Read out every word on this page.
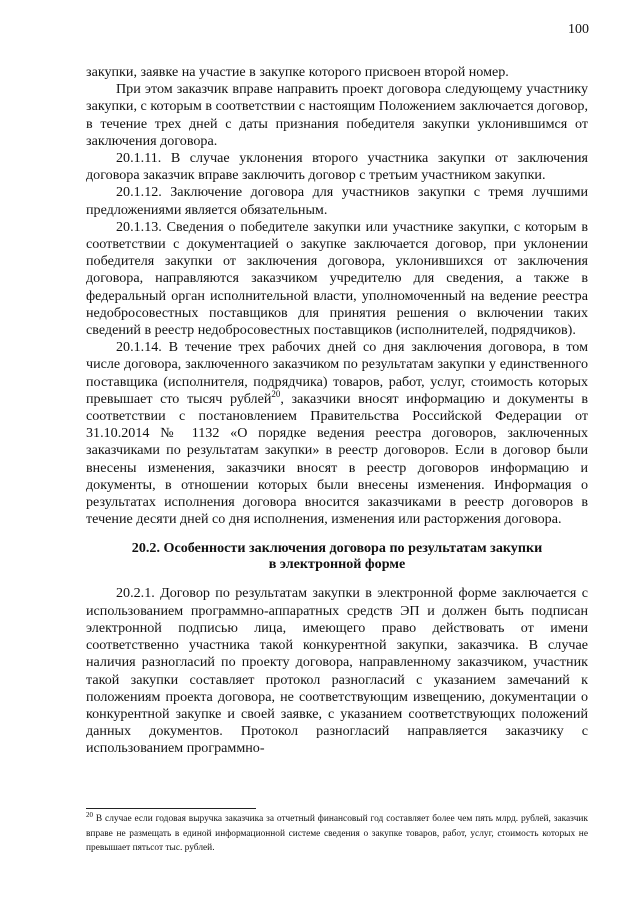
100

закупки, заявке на участие в закупке которого присвоен второй номер.

При этом заказчик вправе направить проект договора следующему участнику закупки, с которым в соответствии с настоящим Положением заключается договор, в течение трех дней с даты признания победителя закупки уклонившимся от заключения договора.

20.1.11. В случае уклонения второго участника закупки от заключения договора заказчик вправе заключить договор с третьим участником закупки.

20.1.12. Заключение договора для участников закупки с тремя лучшими предложениями является обязательным.

20.1.13. Сведения о победителе закупки или участнике закупки, с которым в соответствии с документацией о закупке заключается договор, при уклонении победителя закупки от заключения договора, уклонившихся от заключения договора, направляются заказчиком учредителю для сведения, а также в федеральный орган исполнительной власти, уполномоченный на ведение реестра недобросовестных поставщиков для принятия решения о включении таких сведений в реестр недобросовестных поставщиков (исполнителей, подрядчиков).

20.1.14. В течение трех рабочих дней со дня заключения договора, в том числе договора, заключенного заказчиком по результатам закупки у единственного поставщика (исполнителя, подрядчика) товаров, работ, услуг, стоимость которых превышает сто тысяч рублей$^{20}$, заказчики вносят информацию и документы в соответствии с постановлением Правительства Российской Федерации от 31.10.2014 № 1132 «О порядке ведения реестра договоров, заключенных заказчиками по результатам закупки» в реестр договоров. Если в договор были внесены изменения, заказчики вносят в реестр договоров информацию и документы, в отношении которых были внесены изменения. Информация о результатах исполнения договора вносится заказчиками в реестр договоров в течение десяти дней со дня исполнения, изменения или расторжения договора.

20.2. Особенности заключения договора по результатам закупки
в электронной форме

20.2.1. Договор по результатам закупки в электронной форме заключается с использованием программно-аппаратных средств ЭП и должен быть подписан электронной подписью лица, имеющего право действовать от имени соответственно участника такой конкурентной закупки, заказчика. В случае наличия разногласий по проекту договора, направленному заказчиком, участник такой закупки составляет протокол разногласий с указанием замечаний к положениям проекта договора, не соответствующим извещению, документации о конкурентной закупке и своей заявке, с указанием соответствующих положений данных документов. Протокол разногласий направляется заказчику с использованием программно-

$^{20}$ В случае если годовая выручка заказчика за отчетный финансовый год составляет более чем пять млрд. рублей, заказчик вправе не размещать в единой информационной системе сведения о закупке товаров, работ, услуг, стоимость которых не превышает пятьсот тыс. рублей.
